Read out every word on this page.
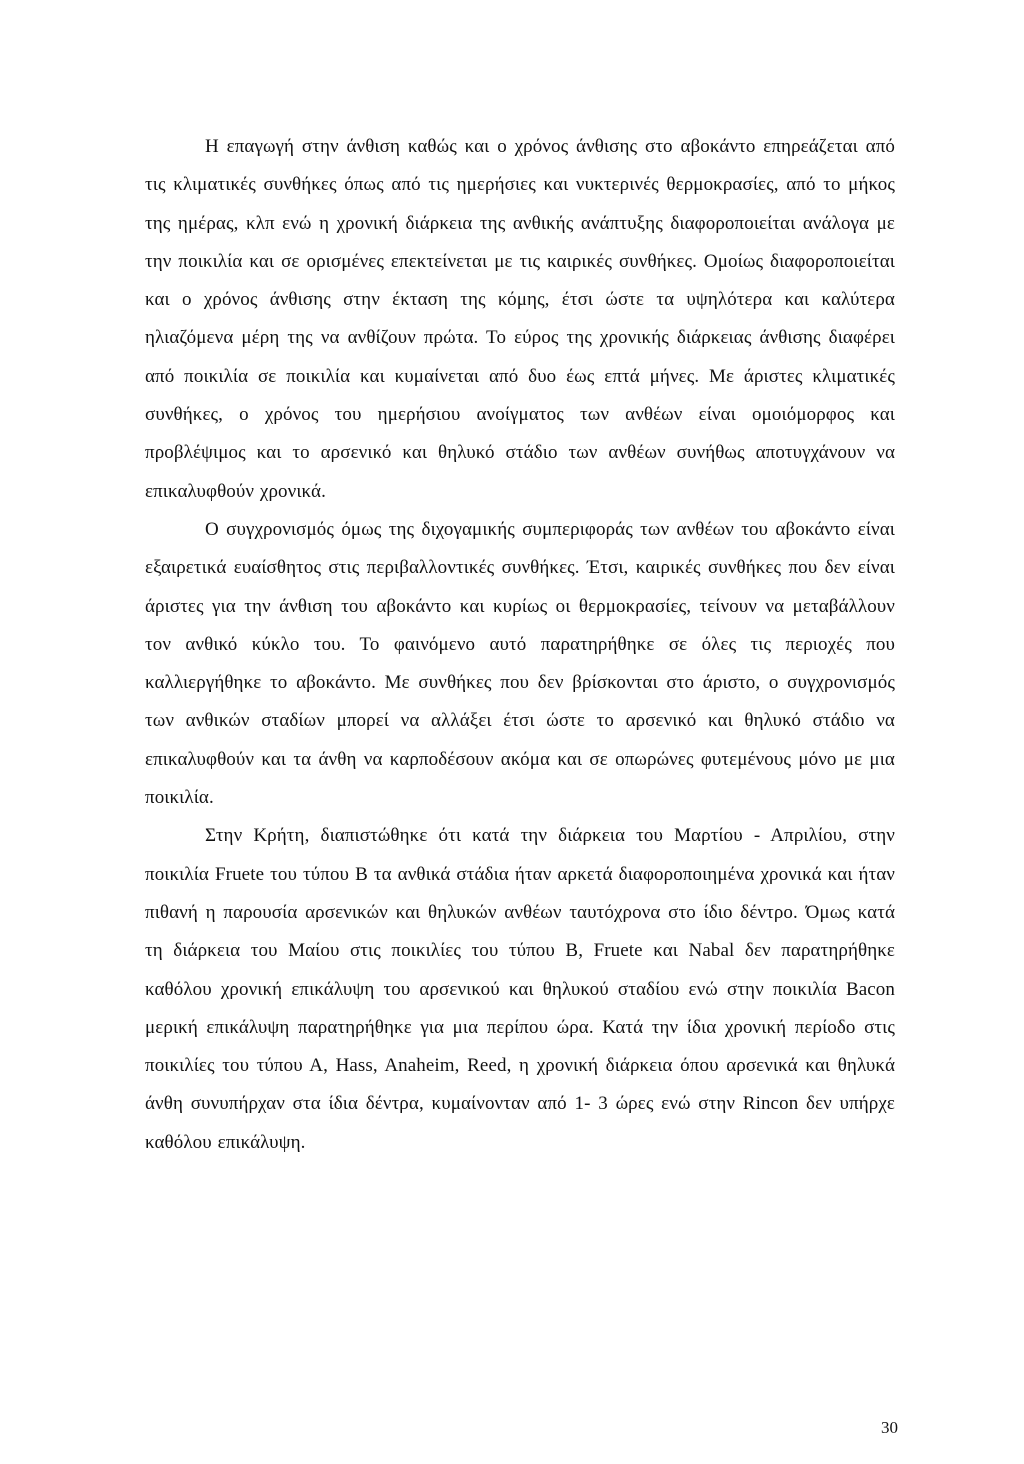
Η επαγωγή στην άνθιση καθώς και ο χρόνος άνθισης στο αβοκάντο επηρεάζεται από τις κλιματικές συνθήκες όπως από τις ημερήσιες και νυκτερινές θερμοκρασίες, από το μήκος της ημέρας, κλπ ενώ η χρονική διάρκεια της ανθικής ανάπτυξης διαφοροποιείται ανάλογα με την ποικιλία και σε ορισμένες επεκτείνεται με τις καιρικές συνθήκες. Ομοίως διαφοροποιείται και ο χρόνος άνθισης στην έκταση της κόμης, έτσι ώστε τα υψηλότερα και καλύτερα ηλιαζόμενα μέρη της να ανθίζουν πρώτα. Το εύρος της χρονικής διάρκειας άνθισης διαφέρει από ποικιλία σε ποικιλία και κυμαίνεται από δυο έως επτά μήνες. Με άριστες κλιματικές συνθήκες, ο χρόνος του ημερήσιου ανοίγματος των ανθέων είναι ομοιόμορφος και προβλέψιμος και το αρσενικό και θηλυκό στάδιο των ανθέων συνήθως αποτυγχάνουν να επικαλυφθούν χρονικά.

Ο συγχρονισμός όμως της διχογαμικής συμπεριφοράς των ανθέων του αβοκάντο είναι εξαιρετικά ευαίσθητος στις περιβαλλοντικές συνθήκες. Έτσι, καιρικές συνθήκες που δεν είναι άριστες για την άνθιση του αβοκάντο και κυρίως οι θερμοκρασίες, τείνουν να μεταβάλλουν τον ανθικό κύκλο του. Το φαινόμενο αυτό παρατηρήθηκε σε όλες τις περιοχές που καλλιεργήθηκε το αβοκάντο. Με συνθήκες που δεν βρίσκονται στο άριστο, ο συγχρονισμός των ανθικών σταδίων μπορεί να αλλάξει έτσι ώστε το αρσενικό και θηλυκό στάδιο να επικαλυφθούν και τα άνθη να καρποδέσουν ακόμα και σε οπωρώνες φυτεμένους μόνο με μια ποικιλία.

Στην Κρήτη, διαπιστώθηκε ότι κατά την διάρκεια του Μαρτίου - Απριλίου, στην ποικιλία Fruete του τύπου Β τα ανθικά στάδια ήταν αρκετά διαφοροποιημένα χρονικά και ήταν πιθανή η παρουσία αρσενικών και θηλυκών ανθέων ταυτόχρονα στο ίδιο δέντρο. Όμως κατά τη διάρκεια του Μαίου στις ποικιλίες του τύπου Β, Fruete και Nabal δεν παρατηρήθηκε καθόλου χρονική επικάλυψη του αρσενικού και θηλυκού σταδίου ενώ στην ποικιλία Bacon μερική επικάλυψη παρατηρήθηκε για μια περίπου ώρα. Κατά την ίδια χρονική περίοδο στις ποικιλίες του τύπου Α, Hass, Anaheim, Reed, η χρονική διάρκεια όπου αρσενικά και θηλυκά άνθη συνυπήρχαν στα ίδια δέντρα, κυμαίνονταν από 1- 3 ώρες ενώ στην Rincon δεν υπήρχε καθόλου επικάλυψη.

30
